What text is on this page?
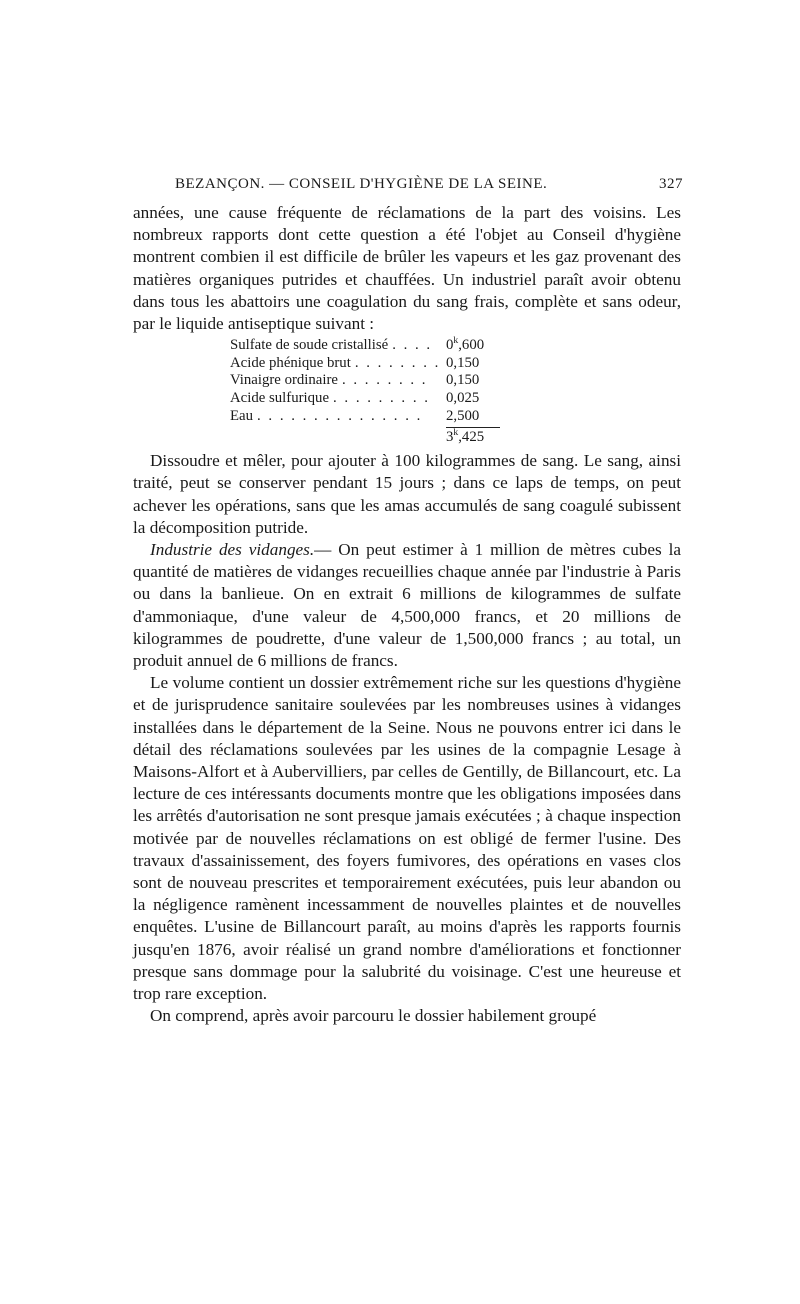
BEZANÇON. — CONSEIL D'HYGIÈNE DE LA SEINE.	327

années, une cause fréquente de réclamations de la part des voisins. Les nombreux rapports dont cette question a été l'objet au Conseil d'hygiène montrent combien il est difficile de brûler les vapeurs et les gaz provenant des matières organiques putrides et chauffées. Un industriel paraît avoir obtenu dans tous les abattoirs une coagulation du sang frais, complète et sans odeur, par le liquide antiseptique suivant :

Sulfate de soude cristallisé . . . . 0$^k$,600
Acide phénique brut . . . . . . . . 0,150
Vinaigre ordinaire . . . . . . . .	0,150
Acide sulfurique . . . . . . . . .	0,025
Eau . . . . . . . . . . . . . . .	2,500
3$^k$,425

Dissoudre et mêler, pour ajouter à 100 kilogrammes de sang. Le sang, ainsi traité, peut se conserver pendant 15 jours ; dans ce laps de temps, on peut achever les opérations, sans que les amas accumulés de sang coagulé subissent la décomposition putride.

Industrie des vidanges.— On peut estimer à 1 million de mètres cubes la quantité de matières de vidanges recueillies chaque année par l'industrie à Paris ou dans la banlieue. On en extrait 6 millions de kilogrammes de sulfate d'ammoniaque, d'une valeur de 4,500,000 francs, et 20 millions de kilogrammes de poudrette, d'une valeur de 1,500,000 francs ; au total, un produit annuel de 6 millions de francs.

Le volume contient un dossier extrêmement riche sur les questions d'hygiène et de jurisprudence sanitaire soulevées par les nombreuses usines à vidanges installées dans le département de la Seine. Nous ne pouvons entrer ici dans le détail des réclamations soulevées par les usines de la compagnie Lesage à Maisons-Alfort et à Aubervilliers, par celles de Gentilly, de Billancourt, etc. La lecture de ces intéressants documents montre que les obligations imposées dans les arrêtés d'autorisation ne sont presque jamais exécutées ; à chaque inspection motivée par de nouvelles réclamations on est obligé de fermer l'usine. Des travaux d'assainissement, des foyers fumivores, des opérations en vases clos sont de nouveau prescrites et temporairement exécutées, puis leur abandon ou la négligence ramènent incessamment de nouvelles plaintes et de nouvelles enquêtes. L'usine de Billancourt paraît, au moins d'après les rapports fournis jusqu'en 1876, avoir réalisé un grand nombre d'améliorations et fonctionner presque sans dommage pour la salubrité du voisinage. C'est une heureuse et trop rare exception.

On comprend, après avoir parcouru le dossier habilement groupé
